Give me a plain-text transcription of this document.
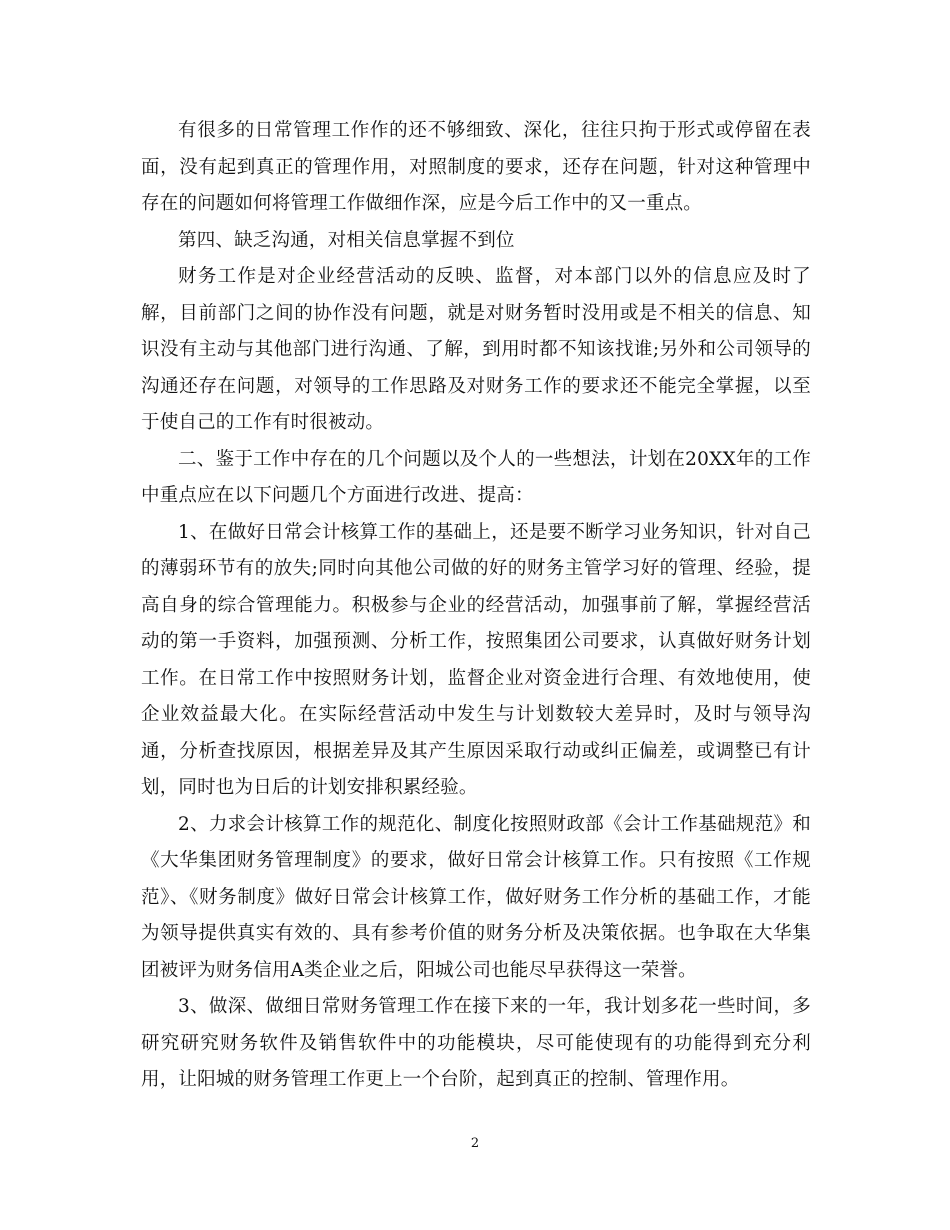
有很多的日常管理工作作的还不够细致、深化，往往只拘于形式或停留在表面，没有起到真正的管理作用，对照制度的要求，还存在问题，针对这种管理中存在的问题如何将管理工作做细作深，应是今后工作中的又一重点。

第四、缺乏沟通，对相关信息掌握不到位

财务工作是对企业经营活动的反映、监督，对本部门以外的信息应及时了解，目前部门之间的协作没有问题，就是对财务暂时没用或是不相关的信息、知识没有主动与其他部门进行沟通、了解，到用时都不知该找谁;另外和公司领导的沟通还存在问题，对领导的工作思路及对财务工作的要求还不能完全掌握，以至于使自己的工作有时很被动。

二、鉴于工作中存在的几个问题以及个人的一些想法，计划在20XX年的工作中重点应在以下问题几个方面进行改进、提高：

1、在做好日常会计核算工作的基础上，还是要不断学习业务知识，针对自己的薄弱环节有的放失;同时向其他公司做的好的财务主管学习好的管理、经验，提高自身的综合管理能力。积极参与企业的经营活动，加强事前了解，掌握经营活动的第一手资料，加强预测、分析工作，按照集团公司要求，认真做好财务计划工作。在日常工作中按照财务计划，监督企业对资金进行合理、有效地使用，使企业效益最大化。在实际经营活动中发生与计划数较大差异时，及时与领导沟通，分析查找原因，根据差异及其产生原因采取行动或纠正偏差，或调整已有计划，同时也为日后的计划安排积累经验。

2、力求会计核算工作的规范化、制度化按照财政部《会计工作基础规范》和《大华集团财务管理制度》的要求，做好日常会计核算工作。只有按照《工作规范》、《财务制度》做好日常会计核算工作，做好财务工作分析的基础工作，才能为领导提供真实有效的、具有参考价值的财务分析及决策依据。也争取在大华集团被评为财务信用A类企业之后，阳城公司也能尽早获得这一荣誉。

3、做深、做细日常财务管理工作在接下来的一年，我计划多花一些时间，多研究研究财务软件及销售软件中的功能模块，尽可能使现有的功能得到充分利用，让阳城的财务管理工作更上一个台阶，起到真正的控制、管理作用。

2
